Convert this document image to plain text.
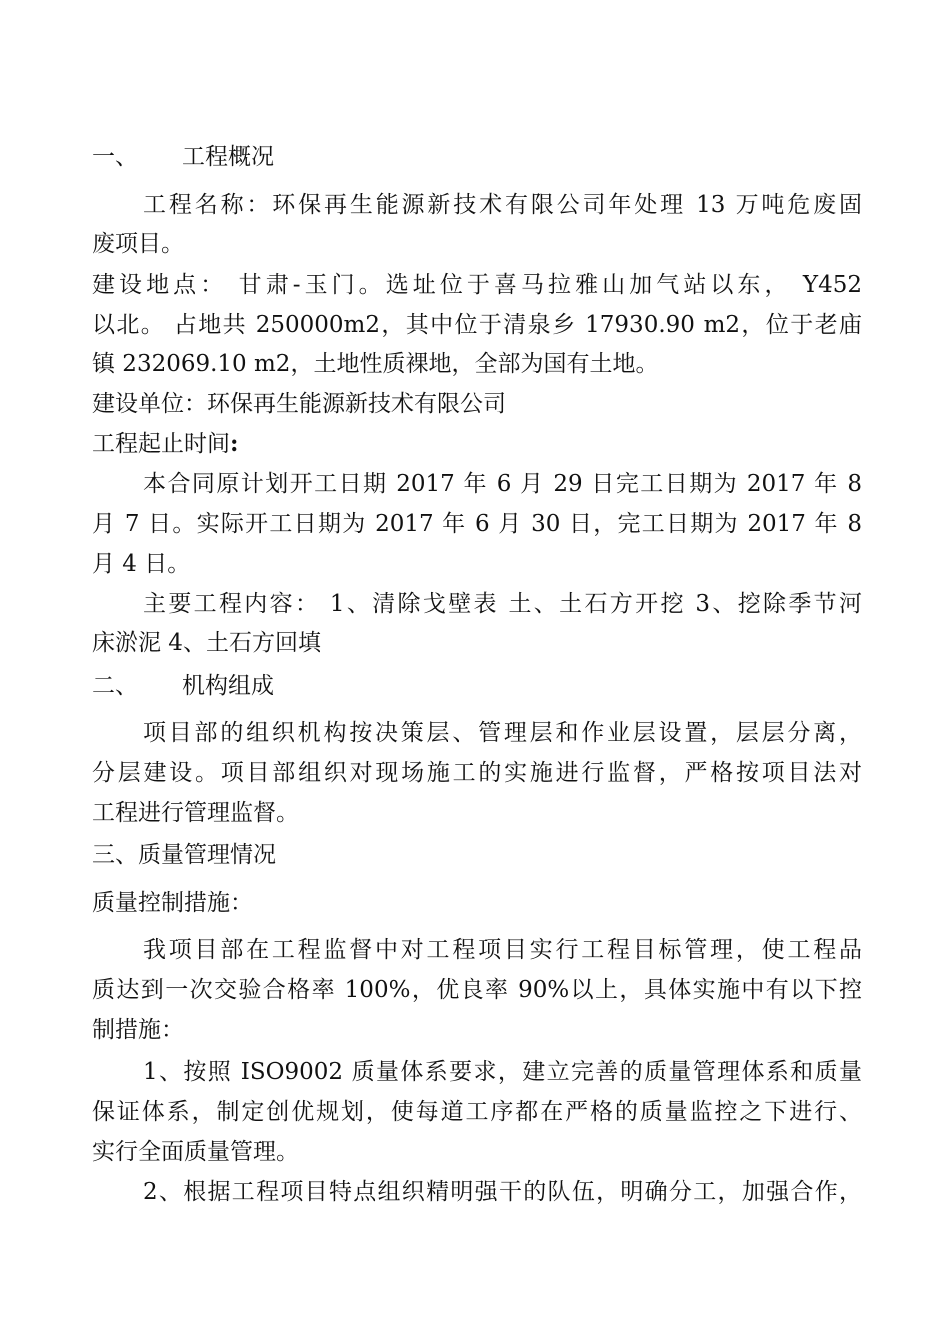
一、 工程概况
工程名称：环保再生能源新技术有限公司年处理 13 万吨危废固
废项目。
建设地点： 甘肃-玉门。选址位于喜马拉雅山加气站以东， Y452
以北。 占地共 250000m2，其中位于清泉乡 17930.90 m2，位于老庙
镇 232069.10 m2，土地性质裸地，全部为国有土地。
建设单位：环保再生能源新技术有限公司
工程起止时间:
本合同原计划开工日期 2017 年 6 月 29 日完工日期为 2017 年 8
月 7 日。实际开工日期为 2017 年 6 月 30 日，完工日期为 2017 年 8
月 4 日。
主要工程内容： 1、清除戈壁表 土、土石方开挖 3、挖除季节河
床淤泥 4、土石方回填
二、 机构组成
项目部的组织机构按决策层、管理层和作业层设置，层层分离，
分层建设。项目部组织对现场施工的实施进行监督，严格按项目法对
工程进行管理监督。
三、质量管理情况
质量控制措施：
我项目部在工程监督中对工程项目实行工程目标管理，使工程品
质达到一次交验合格率 100%，优良率 90%以上，具体实施中有以下控
制措施：
1、按照 ISO9002 质量体系要求，建立完善的质量管理体系和质量
保证体系，制定创优规划，使每道工序都在严格的质量监控之下进行、
实行全面质量管理。
2、根据工程项目特点组织精明强干的队伍，明确分工，加强合作，
